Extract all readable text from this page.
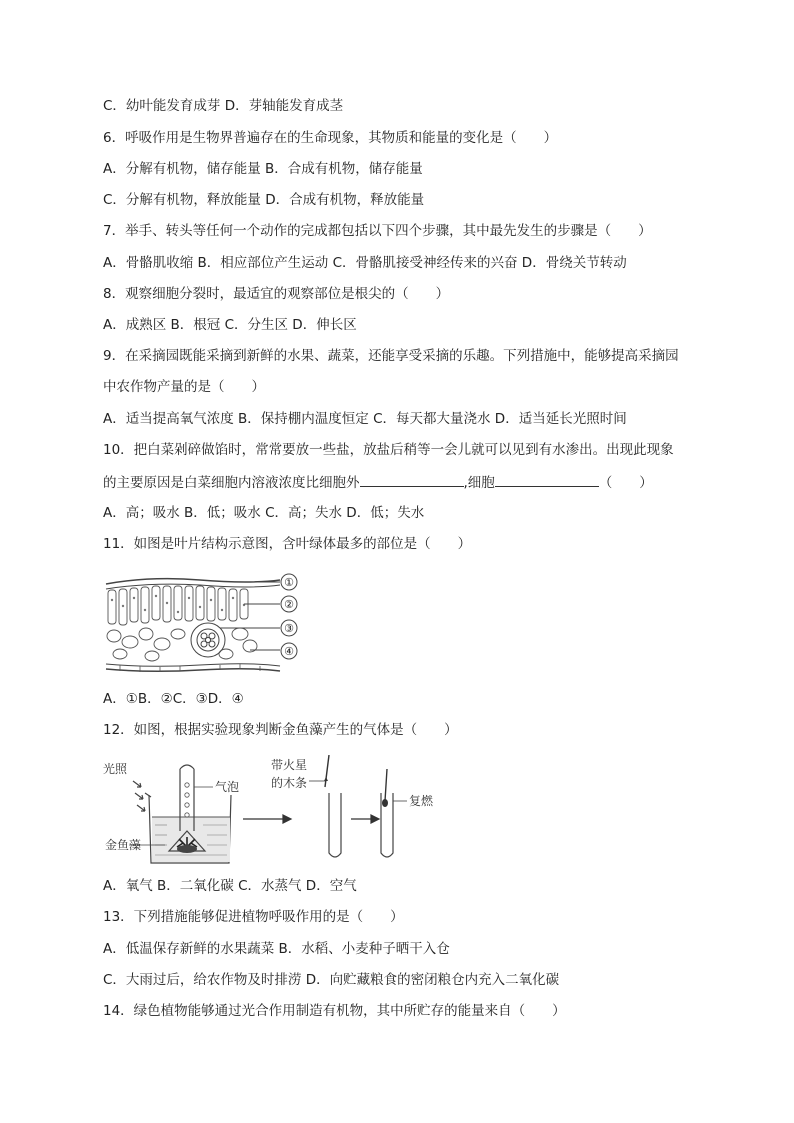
C．幼叶能发育成芽 D．芽轴能发育成茎
6．呼吸作用是生物界普遍存在的生命现象，其物质和能量的变化是（　　）
A．分解有机物，储存能量 B．合成有机物，储存能量
C．分解有机物，释放能量 D．合成有机物，释放能量
7．举手、转头等任何一个动作的完成都包括以下四个步骤，其中最先发生的步骤是（　　）
A．骨骼肌收缩 B．相应部位产生运动 C．骨骼肌接受神经传来的兴奋 D．骨绕关节转动
8．观察细胞分裂时，最适宜的观察部位是根尖的（　　）
A．成熟区 B．根冠 C．分生区 D．伸长区
9．在采摘园既能采摘到新鲜的水果、蔬菜，还能享受采摘的乐趣。下列措施中，能够提高采摘园
中农作物产量的是（　　）
A．适当提高氧气浓度 B．保持棚内温度恒定 C．每天都大量浇水 D．适当延长光照时间
10．把白菜剁碎做馅时，常常要放一些盐，放盐后稍等一会儿就可以见到有水渗出。出现此现象
的主要原因是白菜细胞内溶液浓度比细胞外	,细胞	（　　）
A．高；吸水 B．低；吸水 C．高；失水 D．低；失水
11．如图是叶片结构示意图，含叶绿体最多的部位是（　　）
①
②
③
④
A．①B．②C．③D．④
12．如图，根据实验现象判断金鱼藻产生的气体是（　　）
光照
气泡
金鱼藻
带火星
的木条
复燃
A．氧气 B．二氧化碳 C．水蒸气 D．空气
13．下列措施能够促进植物呼吸作用的是（　　）
A．低温保存新鲜的水果蔬菜 B．水稻、小麦种子晒干入仓
C．大雨过后，给农作物及时排涝 D．向贮藏粮食的密闭粮仓内充入二氧化碳
14．绿色植物能够通过光合作用制造有机物，其中所贮存的能量来自（　　）
